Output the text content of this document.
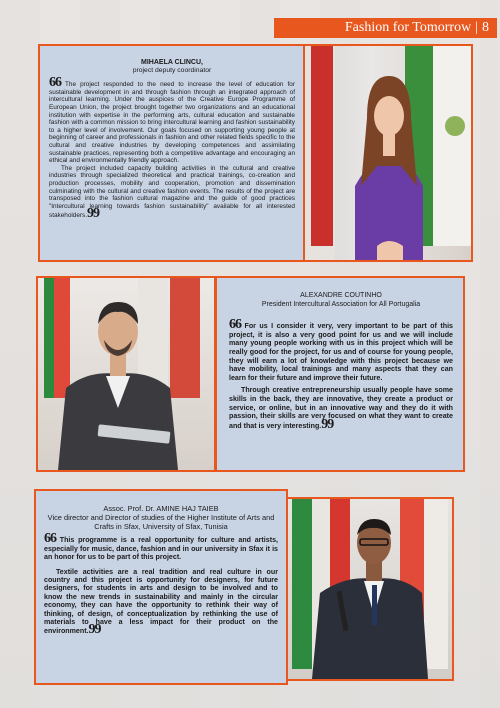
Fashion for Tomorrow | 8
MIHAELA CLINCU,
project deputy coordinator

66 The project responded to the need to increase the level of education for sustainable development in and through fashion through an integrated approach of intercultural learning. Under the auspices of the Creative Europe Programme of European Union, the project brought together two organizations and an educational institution with expertise in the performing arts, cultural education and sustainable fashion with a common mission to bring intercultural learning and fashion sustainability to a higher level of involvement. Our goals focused on supporting young people at beginning of career and professionals in fashion and other related fields specific to the cultural and creative industries by developing competences and assimilating sustainable practices, representing both a competitive advantage and encouraging an ethical and environmentally friendly approach.

The project included capacity building activities in the cultural and creative industries through specialized theoretical and practical trainings, co-creation and production processes, mobility and cooperation, promotion and dissemination culminating with the cultural and creative fashion events. The results of the project are transposed into the fashion cultural magazine and the guide of good practices "Intercultural learning towards fashion sustainability" available for all interested stakeholders.99

ALEXANDRE COUTINHO
President Intercultural Association for All Portugalia

66 For us I consider it very, very important to be part of this project, it is also a very good point for us and we will include many young people working with us in this project which will be really good for the project, for us and of course for young people, they will earn a lot of knowledge with this project because we have mobility, local trainings and many aspects that they can learn for their future and improve their future.

Through creative entrepreneurship usually people have some skills in the back, they are innovative, they create a product or service, or online, but in an innovative way and they do it with passion, their skills are very focused on what they want to create and that is very interesting.99

Assoc. Prof. Dr. AMINE HAJ TAIEB
Vice director and Director of studies of the Higher Institute of Arts and Crafts in Sfax, University of Sfax, Tunisia

66 This programme is a real opportunity for culture and artists, especially for music, dance, fashion and in our university in Sfax it is an honor for us to be part of this project.

Textile activities are a real tradition and real culture in our country and this project is opportunity for designers, for future designers, for students in arts and design to be involved and to know the new trends in sustainability and mainly in the circular economy, they can have the opportunity to rethink their way of thinking, of design, of conceptualization by rethinking the use of materials to have a less impact for their product on the environment.99
